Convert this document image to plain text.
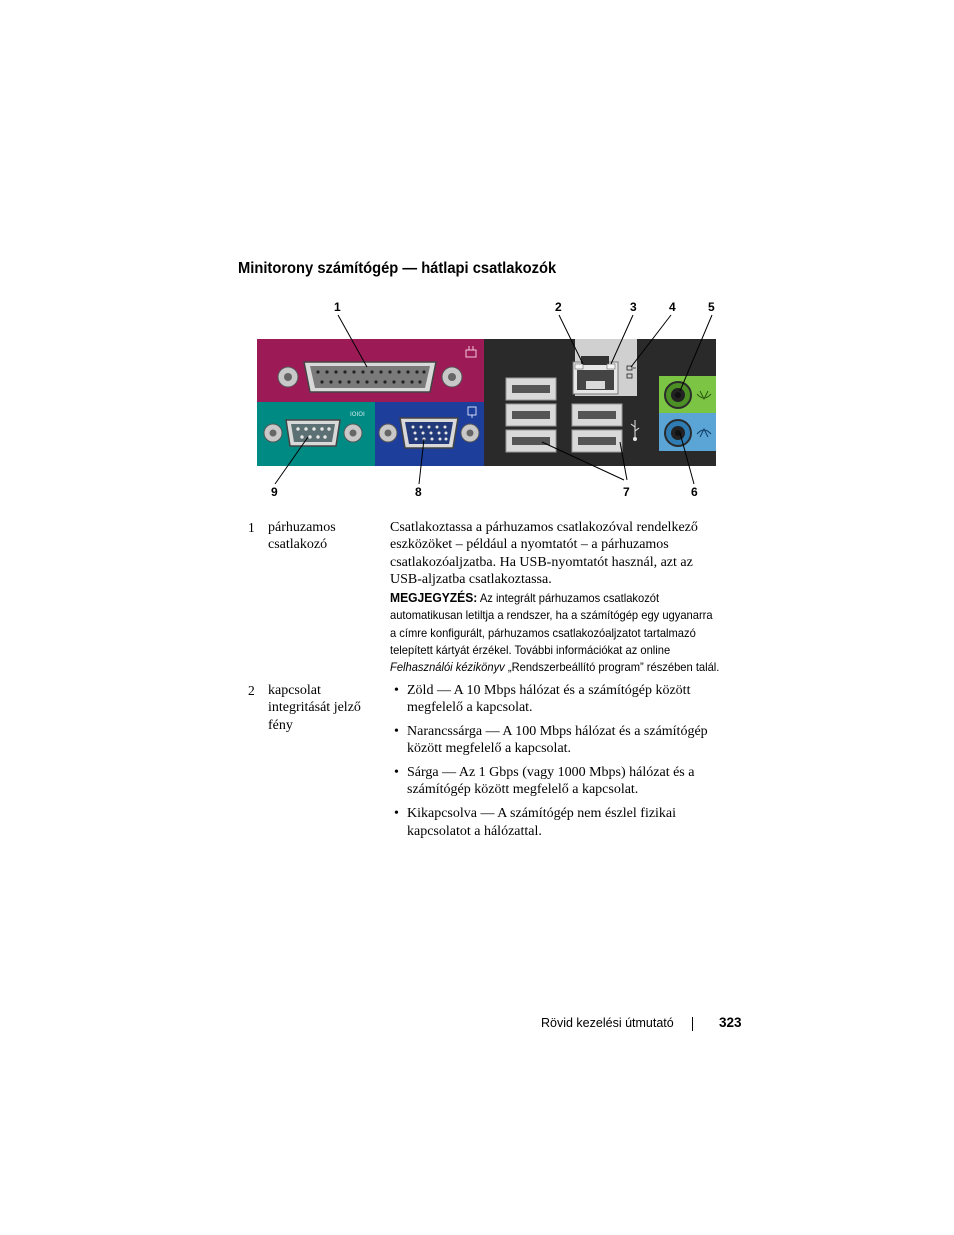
Minitorony számítógép — hátlapi csatlakozók
1	2	3	4	5
9	8	7	6
IOIOI
1 párhuzamos
csatlakozó
Csatlakoztassa a párhuzamos csatlakozóval rendelkező
eszközöket – például a nyomtatót – a párhuzamos
csatlakozóaljzatba. Ha USB-nyomtatót használ, azt az
USB-aljzatba csatlakoztassa.
MEGJEGYZÉS: Az integrált párhuzamos csatlakozót
automatikusan letiltja a rendszer, ha a számítógép egy ugyanarra
a címre konfigurált, párhuzamos csatlakozóaljzatot tartalmazó
telepített kártyát érzékel. További információkat az online
Felhasználói kézikönyv „Rendszerbeállító program” részében talál.
2 kapcsolat
integritását jelző
fény
• Zöld — A 10 Mbps hálózat és a számítógép között megfelelő a kapcsolat.
• Narancssárga — A 100 Mbps hálózat és a számítógép között megfelelő a kapcsolat.
• Sárga — Az 1 Gbps (vagy 1000 Mbps) hálózat és a számítógép között megfelelő a kapcsolat.
• Kikapcsolva — A számítógép nem észlel fizikai kapcsolatot a hálózattal.
Rövid kezelési útmutató	323
